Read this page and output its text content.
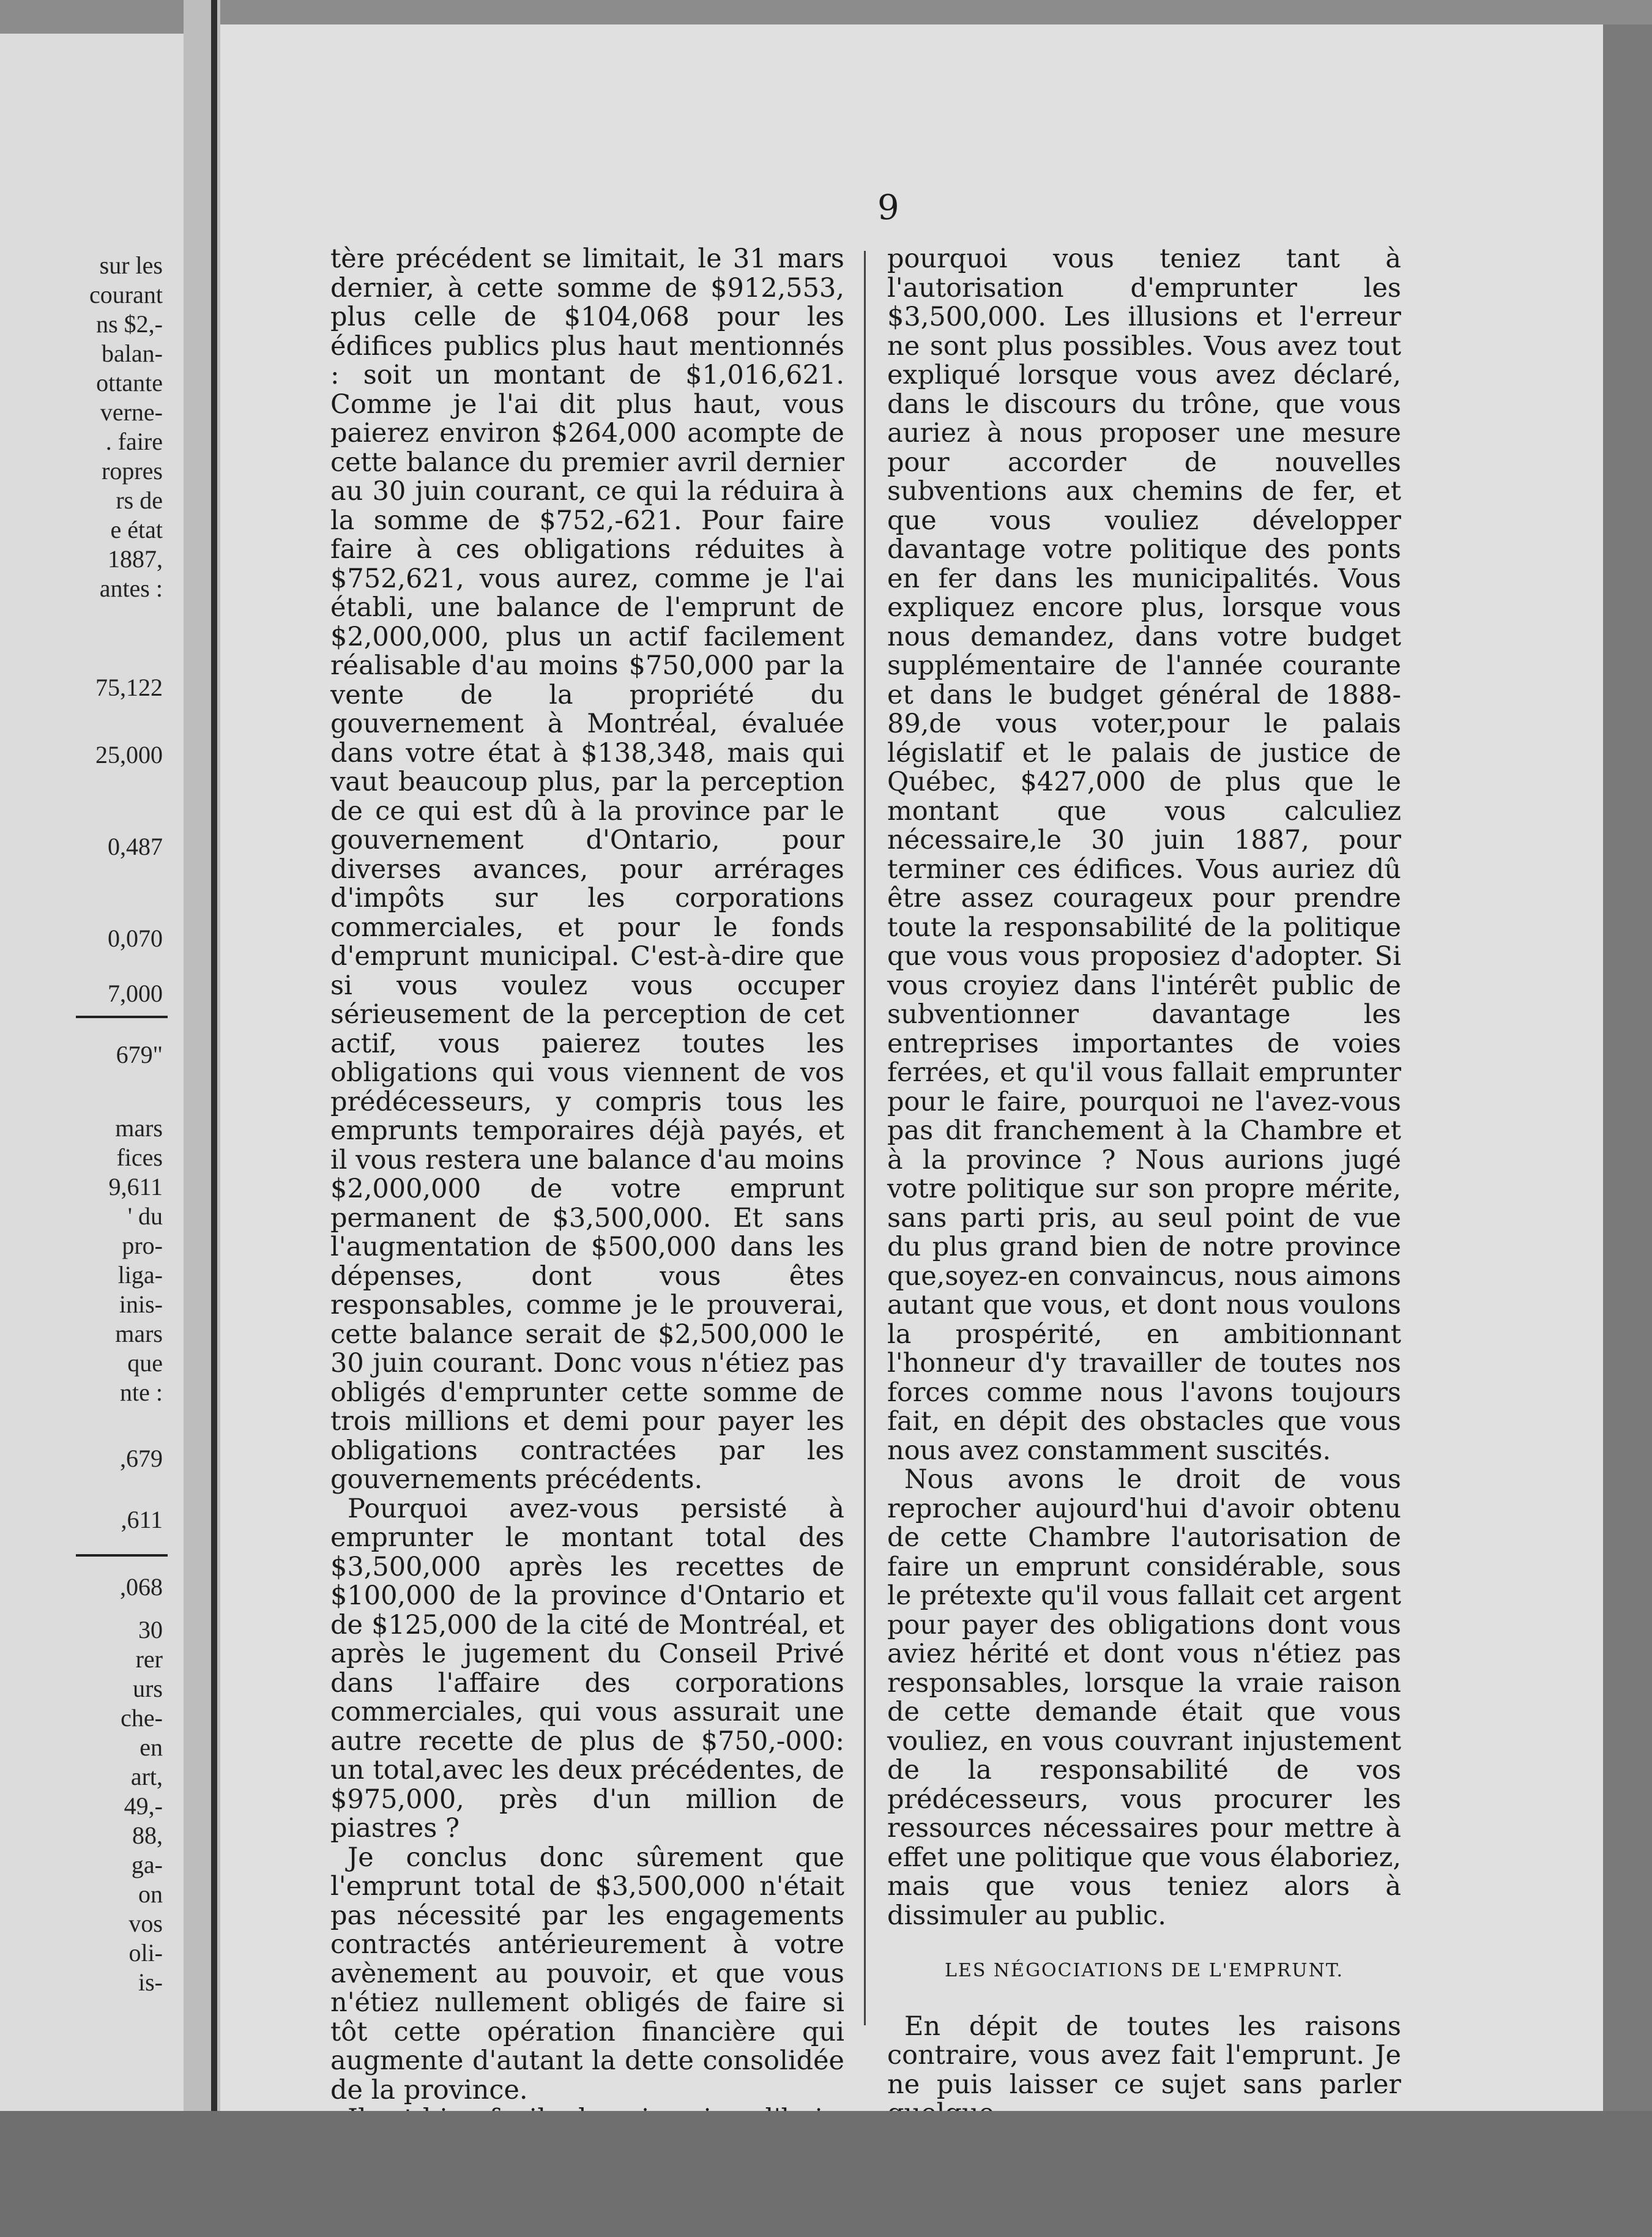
sur les
courant
ns $2,-
balan-
ottante
verne-
. faire
ropres
rs de
e état
1887,
antes :
75,122
25,000
0,487
0,070
7,000
679"
mars
fices
9,611
' du
pro-
liga-
inis-
mars
que
nte :
,679
,611
,068
30
rer
urs
che-
en
art,
49,-
88,
ga-
on
vos
oli-
is-
9

tère précédent se limitait, le 31 mars dernier, à cette somme de $912,553, plus celle de $104,068 pour les édifices publics plus haut mentionnés : soit un montant de $1,016,621. Comme je l'ai dit plus haut, vous paierez environ $264,000 acompte de cette balance du premier avril dernier au 30 juin courant, ce qui la réduira à la somme de $752,-621. Pour faire faire à ces obligations réduites à $752,621, vous aurez, comme je l'ai établi, une balance de l'emprunt de $2,000,000, plus un actif facilement réalisable d'au moins $750,000 par la vente de la propriété du gouvernement à Montréal, évaluée dans votre état à $138,348, mais qui vaut beaucoup plus, par la perception de ce qui est dû à la province par le gouvernement d'Ontario, pour diverses avances, pour arrérages d'impôts sur les corporations commerciales, et pour le fonds d'emprunt municipal. C'est-à-dire que si vous voulez vous occuper sérieusement de la perception de cet actif, vous paierez toutes les obligations qui vous viennent de vos prédécesseurs, y compris tous les emprunts temporaires déjà payés, et il vous restera une balance d'au moins $2,000,000 de votre emprunt permanent de $3,500,000. Et sans l'augmentation de $500,000 dans les dépenses, dont vous êtes responsables, comme je le prouverai, cette balance serait de $2,500,000 le 30 juin courant. Donc vous n'étiez pas obligés d'emprunter cette somme de trois millions et demi pour payer les obligations contractées par les gouvernements précédents.

Pourquoi avez-vous persisté à emprunter le montant total des $3,500,000 après les recettes de $100,000 de la province d'Ontario et de $125,000 de la cité de Montréal, et après le jugement du Conseil Privé dans l'affaire des corporations commerciales, qui vous assurait une autre recette de plus de $750,-000: un total,avec les deux précédentes, de $975,000, près d'un million de piastres ?

Je conclus donc sûrement que l'emprunt total de $3,500,000 n'était pas nécessité par les engagements contractés antérieurement à votre avènement au pouvoir, et que vous n'étiez nullement obligés de faire si tôt cette opération financière qui augmente d'autant la dette consolidée de la province.

pourquoi vous teniez tant à l'autorisation d'emprunter les $3,500,000. Les illusions et l'erreur ne sont plus possibles. Vous avez tout expliqué lorsque vous avez déclaré, dans le discours du trône, que vous auriez à nous proposer une mesure pour accorder de nouvelles subventions aux chemins de fer, et que vous vouliez développer davantage votre politique des ponts en fer dans les municipalités. Vous expliquez encore plus, lorsque vous nous demandez, dans votre budget supplémentaire de l'année courante et dans le budget général de 1888-89,de vous voter,pour le palais législatif et le palais de justice de Québec, $427,000 de plus que le montant que vous calculiez nécessaire,le 30 juin 1887, pour terminer ces édifices. Vous auriez dû être assez courageux pour prendre toute la responsabilité de la politique que vous vous proposiez d'adopter. Si vous croyiez dans l'intérêt public de subventionner davantage les entreprises importantes de voies ferrées, et qu'il vous fallait emprunter pour le faire, pourquoi ne l'avez-vous pas dit franchement à la Chambre et à la province ? Nous aurions jugé votre politique sur son propre mérite, sans parti pris, au seul point de vue du plus grand bien de notre province que,soyez-en convaincus, nous aimons autant que vous, et dont nous voulons la prospérité, en ambitionnant l'honneur d'y travailler de toutes nos forces comme nous l'avons toujours fait, en dépit des obstacles que vous nous avez constamment suscités.

Nous avons le droit de vous reprocher aujourd'hui d'avoir obtenu de cette Chambre l'autorisation de faire un emprunt considérable, sous le prétexte qu'il vous fallait cet argent pour payer des obligations dont vous aviez hérité et dont vous n'étiez pas responsables, lorsque la vraie raison de cette demande était que vous vouliez, en vous couvrant injustement de la responsabilité de vos prédécesseurs, vous procurer les ressources nécessaires pour mettre à effet une politique que vous élaboriez, mais que vous teniez alors à dissimuler au public.

LES NÉGOCIATIONS DE L'EMPRUNT.

En dépit de toutes les raisons contraire, vous avez fait l'emprunt. Je ne puis laisser ce sujet sans parler
